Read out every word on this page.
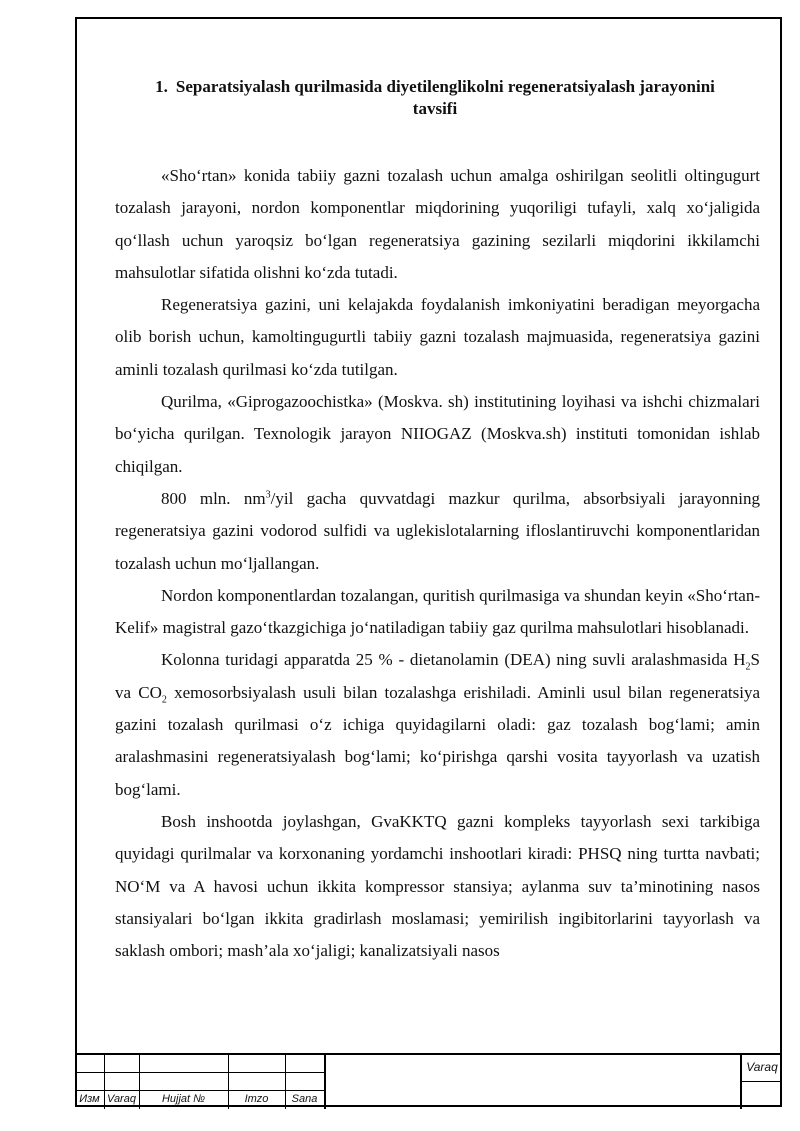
1. Separatsiyalash qurilmasida diyetilenglikolni regeneratsiyalash jarayonini
tavsifi

«Sho‘rtan» konida tabiiy gazni tozalash uchun amalga oshirilgan seolitli oltingugurt tozalash jarayoni, nordon komponentlar miqdorining yuqoriligi tufayli, xalq xo‘jaligida qo‘llash uchun yaroqsiz bo‘lgan regeneratsiya gazining sezilarli miqdorini ikkilamchi mahsulotlar sifatida olishni ko‘zda tutadi.

Regeneratsiya gazini, uni kelajakda foydalanish imkoniyatini beradigan meyorgacha olib borish uchun, kamoltingugurtli tabiiy gazni tozalash majmuasida, regeneratsiya gazini aminli tozalash qurilmasi ko‘zda tutilgan.

Qurilma, «Giprogazoochistka» (Moskva. sh) institutining loyihasi va ishchi chizmalari bo‘yicha qurilgan. Texnologik jarayon NIIOGAZ (Moskva.sh) instituti tomonidan ishlab chiqilgan.

800 mln. $nm^3$/yil gacha quvvatdagi mazkur qurilma, absorbsiyali jarayonning regeneratsiya gazini vodorod sulfidi va uglekislotalarning ifloslantiruvchi komponentlaridan tozalash uchun mo‘ljallangan.

Nordon komponentlardan tozalangan, quritish qurilmasiga va shundan keyin «Sho‘rtan-Kelif» magistral gazo‘tkazgichiga jo‘natiladigan tabiiy gaz qurilma mahsulotlari hisoblanadi.

Kolonna turidagi apparatda 25 % - dietanolamin (DEA) ning suvli aralashmasida $H_2S$ va $CO_2$ xemosorbsiyalash usuli bilan tozalashga erishiladi. Aminli usul bilan regeneratsiya gazini tozalash qurilmasi o‘z ichiga quyidagilarni oladi: gaz tozalash bog‘lami; amin aralashmasini regeneratsiyalash bog‘lami; ko‘pirishga qarshi vosita tayyorlash va uzatish bog‘lami.

Bosh inshootda joylashgan, GvaKKTQ gazni kompleks tayyorlash sexi tarkibiga quyidagi qurilmalar va korxonaning yordamchi inshootlari kiradi: PHSQ ning turtta navbati; NO‘M va A havosi uchun ikkita kompressor stansiya; aylanma suv ta’minotining nasos stansiyalari bo‘lgan ikkita gradirlash moslamasi; yemirilish ingibitorlarini tayyorlash va saklash ombori; mash’ala xo‘jaligi; kanalizatsiyali nasos

Изм Varaq	Hujjat №	Imzo	Sana
Varaq
